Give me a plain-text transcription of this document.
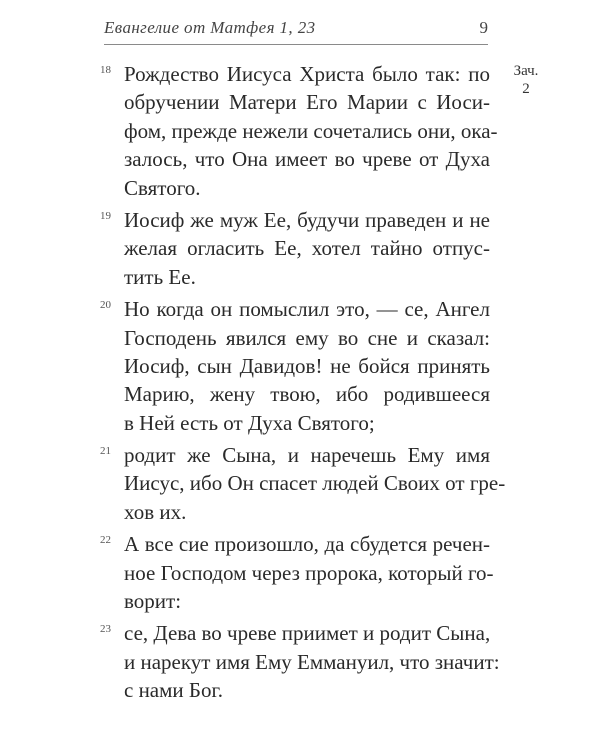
Евангелие от Матфея 1, 23	9
Зач.
2
18 Рождество Иисуса Христа было так: по
обручении Матери Его Марии с Иоси-
фом, прежде нежели сочетались они, ока-
залось, что Она имеет во чреве от Духа
Святого.
19 Иосиф же муж Ее, будучи праведен и не
желая огласить Ее, хотел тайно отпус-
тить Ее.
20 Но когда он помыслил это, — се, Ангел
Господень явился ему во сне и сказал:
Иосиф, сын Давидов! не бойся принять
Марию, жену твою, ибо родившееся
в Ней есть от Духа Святого;
21 родит же Сына, и наречешь Ему имя
Иисус, ибо Он спасет людей Своих от гре-
хов их.
22 А все сие произошло, да сбудется речен-
ное Господом через пророка, который го-
ворит:
23 се, Дева во чреве приимет и родит Сына,
и нарекут имя Ему Еммануил, что значит:
с нами Бог.
